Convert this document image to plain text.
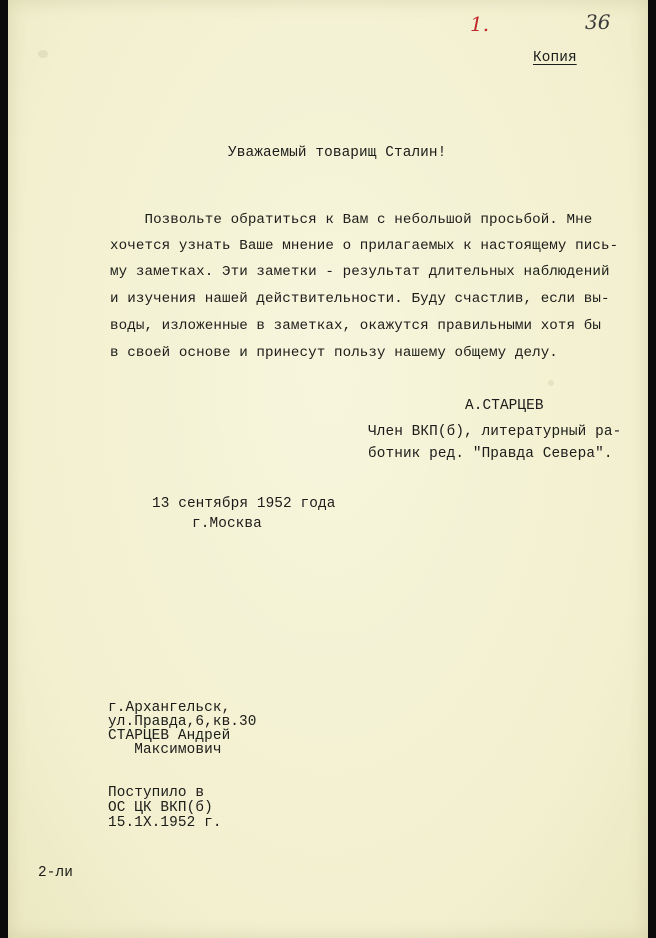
1.	36
Копия
Уважаемый товарищ Сталин!
Позвольте обратиться к Вам с небольшой просьбой. Мне
хочется узнать Ваше мнение о прилагаемых к настоящему пись-
му заметках. Эти заметки - результат длительных наблюдений
и изучения нашей действительности. Буду счастлив, если вы-
воды, изложенные в заметках, окажутся правильными хотя бы
в своей основе и принесут пользу нашему общему делу.
А.СТАРЦЕВ
Член ВКП(б), литературный ра-
ботник ред. "Правда Севера".
13 сентября 1952 года
г.Москва
г.Архангельск,
ул.Правда,6,кв.30
СТАРЦЕВ Андрей
Максимович
Поступило в
ОС ЦК ВКП(б)
15.1Х.1952 г.
2-ли
